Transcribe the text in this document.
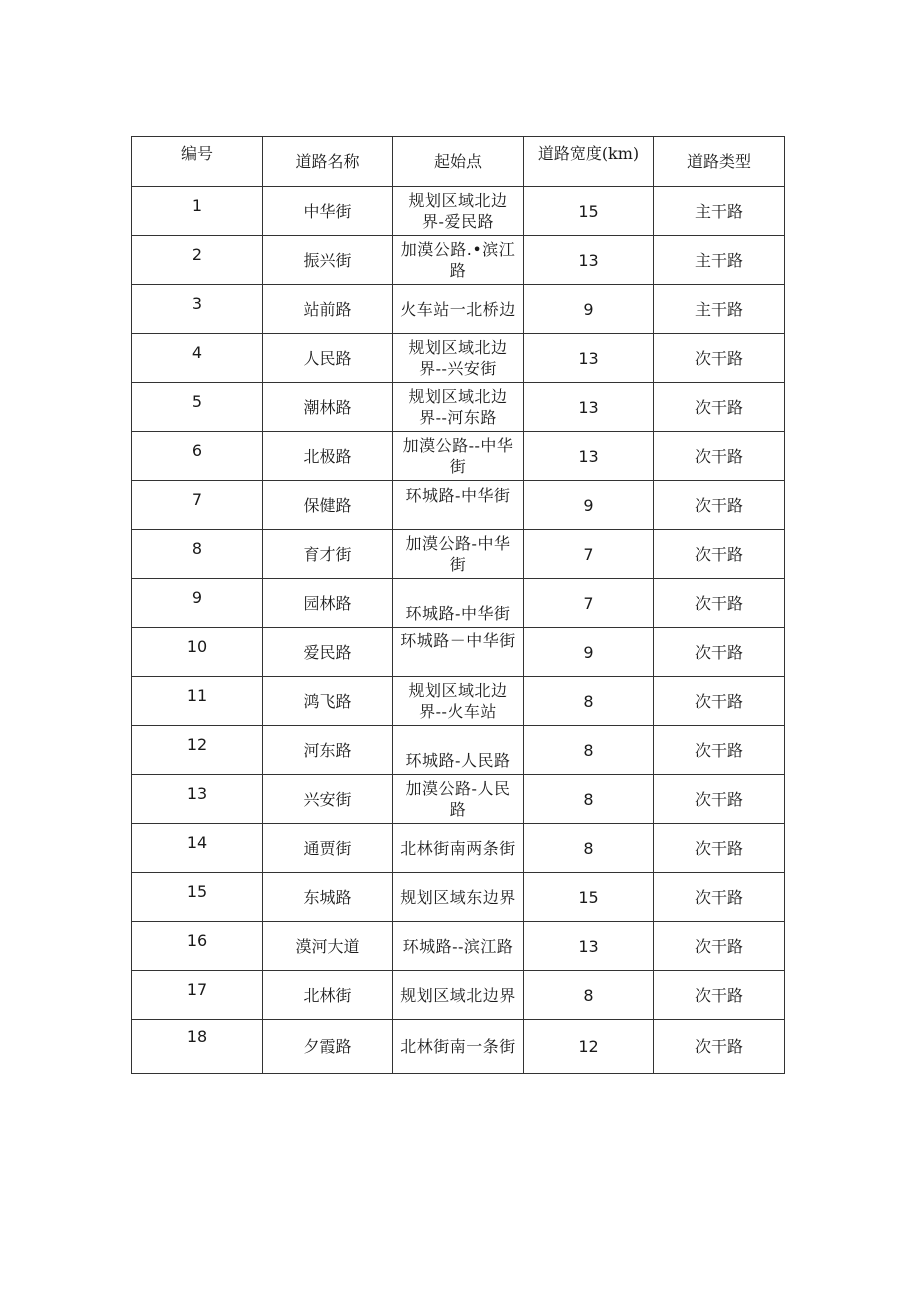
编号	道路名称	起始点	道路宽度(km)	道路类型
1	中华街	规划区域北边界-爱民路	15	主干路
2	振兴街	加漠公路.•滨江路	13	主干路
3	站前路	火车站一北桥边	9	主干路
4	人民路	规划区域北边界--兴安街	13	次干路
5	潮林路	规划区域北边界--河东路	13	次干路
6	北极路	加漠公路--中华街	13	次干路
7	保健路	环城路-中华街	9	次干路
8	育才街	加漠公路-中华街	7	次干路
9	园林路	环城路-中华街	7	次干路
10	爱民路	环城路－中华街	9	次干路
11	鸿飞路	规划区域北边界--火车站	8	次干路
12	河东路	环城路-人民路	8	次干路
13	兴安街	加漠公路-人民路	8	次干路
14	通贾街	北林街南两条街	8	次干路
15	东城路	规划区域东边界	15	次干路
16	漠河大道	环城路--滨江路	13	次干路
17	北林街	规划区域北边界	8	次干路
18	夕霞路	北林街南一条街	12	次干路
